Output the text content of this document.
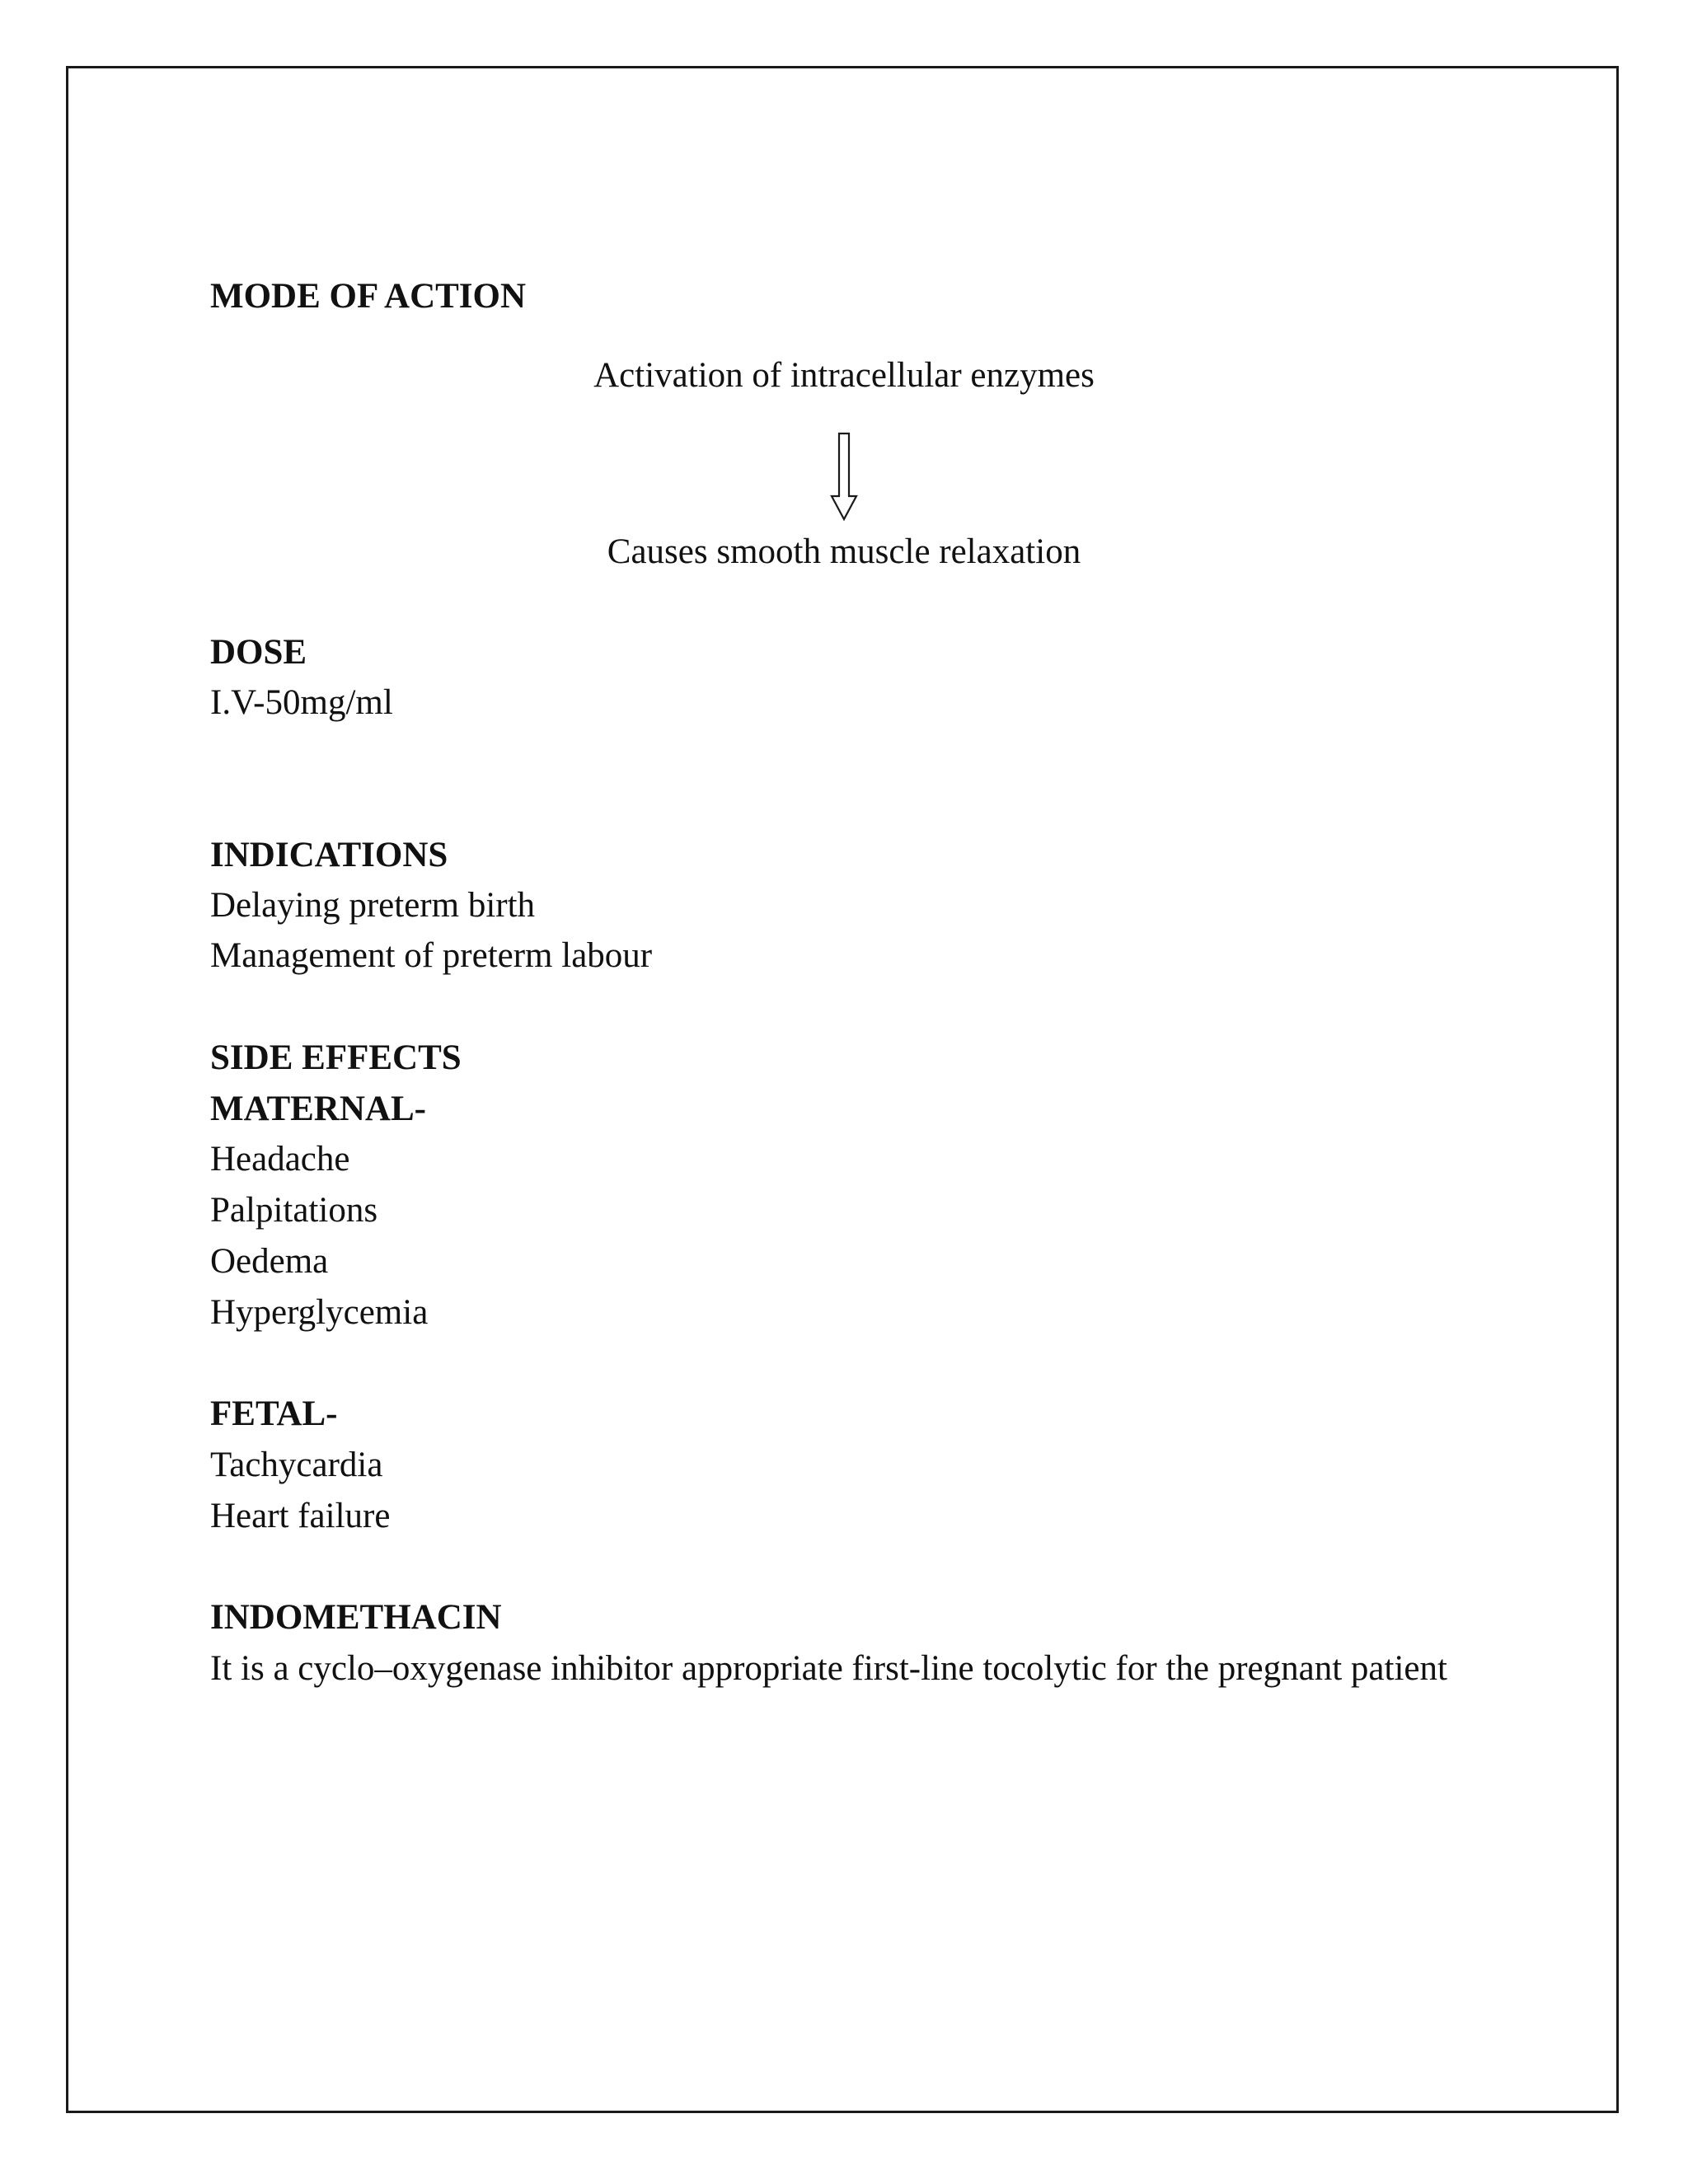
MODE OF ACTION
Activation of intracellular enzymes
Causes smooth muscle relaxation
DOSE
I.V-50mg/ml
INDICATIONS
Delaying preterm birth
Management of preterm labour
SIDE EFFECTS
MATERNAL-
Headache
Palpitations
Oedema
Hyperglycemia
FETAL-
Tachycardia
Heart failure
INDOMETHACIN
It is a cyclo–oxygenase inhibitor appropriate first-line tocolytic for the pregnant patient
